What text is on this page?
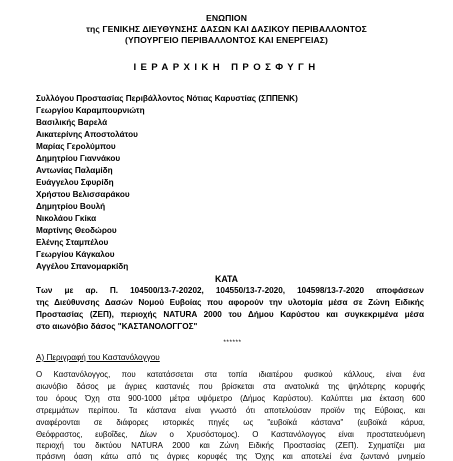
ΕΝΩΠΙΟΝ
της ΓΕΝΙΚΗΣ ΔΙΕΥΘΥΝΣΗΣ ΔΑΣΩΝ ΚΑΙ ΔΑΣΙΚΟΥ ΠΕΡΙΒΑΛΛΟΝΤΟΣ
(ΥΠΟΥΡΓΕΙΟ ΠΕΡΙΒΑΛΛΟΝΤΟΣ ΚΑΙ ΕΝΕΡΓΕΙΑΣ)
ΙΕΡΑΡΧΙΚΗ ΠΡΟΣΦΥΓΗ
Συλλόγου Προστασίας Περιβάλλοντος Νότιας Καρυστίας (ΣΠΠΕΝΚ)
Γεωργίου Καραμπουρνιώτη
Βασιλικής Βαρελά
Αικατερίνης Αποστολάτου
Μαρίας Γερολύμπου
Δημητρίου Γιαννάκου
Αντωνίας Παλαμίδη
Ευάγγελου Σφυρίδη
Χρήστου Βελισσαράκου
Δημητρίου Βουλή
Νικολάου Γκίκα
Μαρτίνης Θεοδώρου
Ελένης Σταμπέλου
Γεωργίου Κάγκαλου
Αγγέλου Σπανομαρκίδη
ΚΑΤΑ
Των με αρ. Π. 104500/13-7-20202, 104550/13-7-2020, 104598/13-7-2020 αποφάσεων
της Διεύθυνσης Δασών Νομού Ευβοίας που αφορούν την υλοτομία μέσα σε Ζώνη Ειδικής
Προστασίας (ΖΕΠ), περιοχής NATURA 2000 του Δήμου Καρύστου και συγκεκριμένα μέσα
στο αιωνόβιο δάσος "ΚΑΣΤΑΝΟΛΟΓΓΟΣ"
******
Α) Περιγραφή του Καστανόλογγου
Ο Καστανόλογγος, που κατατάσσεται στα τοπία ιδιαιτέρου φυσικού κάλλους, είναι ένα
αιωνόβιο δάσος με άγριες καστανιές που βρίσκεται στα ανατολικά της ψηλότερης κορυφής
του όρους Όχη στα 900-1000 μέτρα υψόμετρο (Δήμος Καρύστου). Καλύπτει μια έκταση 600
στρεμμάτων περίπου. Τα κάστανα είναι γνωστό ότι αποτελούσαν προϊόν της Εύβοιας, και
αναφέρονται σε διάφορες ιστορικές πηγές ως "ευβοϊκά κάστανα" (ευβοϊκά κάρυα,
Θεόφραστος, ευβοΐδες, Δίων ο Χρυσόστομος). Ο Καστανόλογγος είναι προστατευόμενη
περιοχή του δικτύου NATURA 2000 και Ζώνη Ειδικής Προστασίας (ΖΕΠ). Σχηματίζει μια
πράσινη όαση κάτω από τις άγριες κορυφές της Όχης και αποτελεί ένα ζωντανό μνημείο
